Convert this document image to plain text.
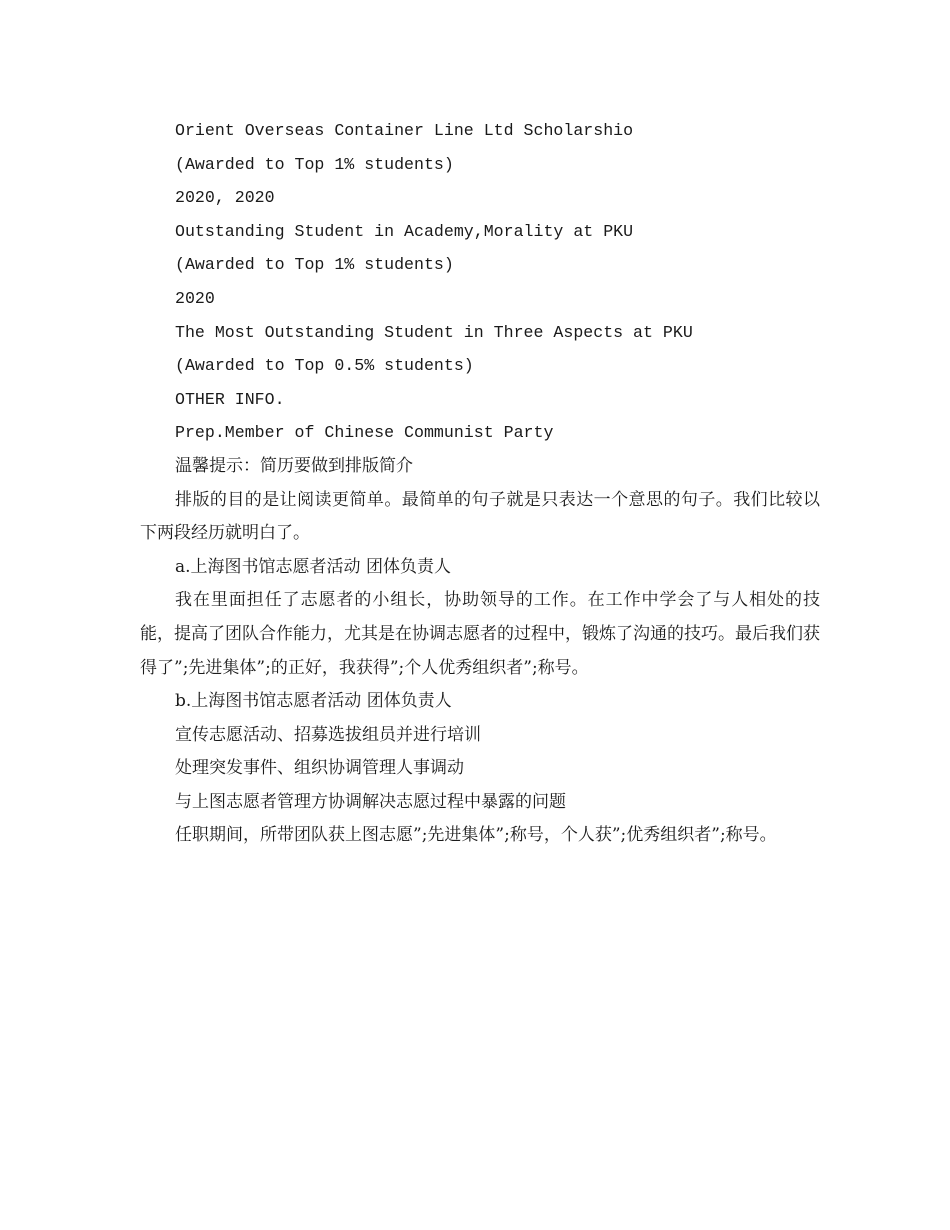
Orient Overseas Container Line Ltd Scholarshio

(Awarded to Top 1% students)

2020, 2020

Outstanding Student in Academy,Morality at PKU

(Awarded to Top 1% students)

2020

The Most Outstanding Student in Three Aspects at PKU

(Awarded to Top 0.5% students)

OTHER INFO.

Prep.Member of Chinese Communist Party

温馨提示：简历要做到排版简介

排版的目的是让阅读更简单。最简单的句子就是只表达一个意思的句子。我们比较以下两段经历就明白了。

a.上海图书馆志愿者活动 团体负责人

我在里面担任了志愿者的小组长，协助领导的工作。在工作中学会了与人相处的技能，提高了团队合作能力，尤其是在协调志愿者的过程中，锻炼了沟通的技巧。最后我们获得了”;先进集体”;的正好，我获得”;个人优秀组织者”;称号。

b.上海图书馆志愿者活动 团体负责人

宣传志愿活动、招募选拔组员并进行培训

处理突发事件、组织协调管理人事调动

与上图志愿者管理方协调解决志愿过程中暴露的问题

任职期间，所带团队获上图志愿”;先进集体”;称号，个人获”;优秀组织者”;称号。
